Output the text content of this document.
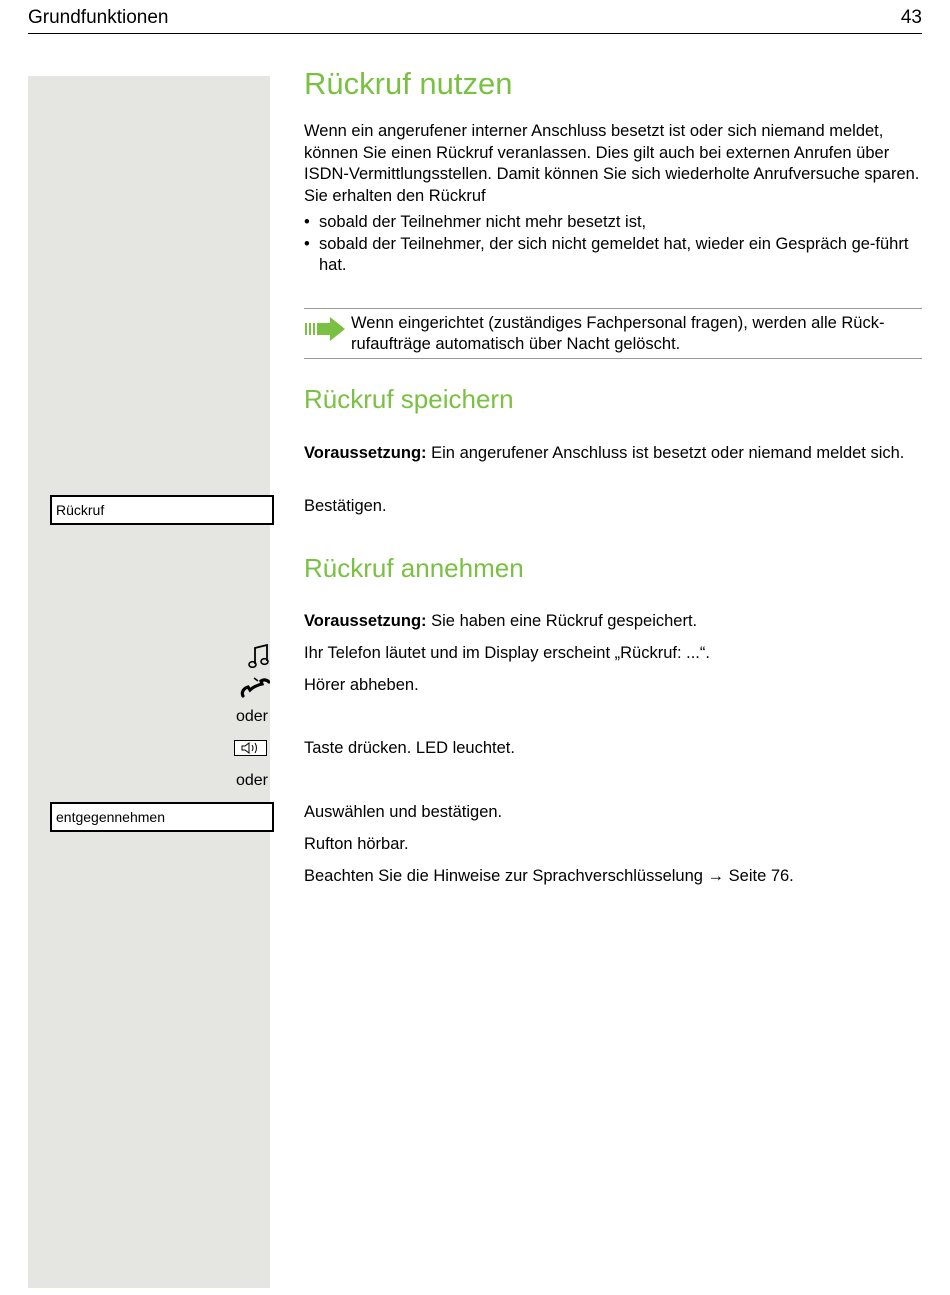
Grundfunktionen	43
Rückruf nutzen
Wenn ein angerufener interner Anschluss besetzt ist oder sich niemand meldet, können Sie einen Rückruf veranlassen. Dies gilt auch bei externen Anrufen über ISDN-Vermittlungsstellen. Damit können Sie sich wiederholte Anrufversuche sparen.
Sie erhalten den Rückruf
• sobald der Teilnehmer nicht mehr besetzt ist,
• sobald der Teilnehmer, der sich nicht gemeldet hat, wieder ein Gespräch ge-führt hat.
Wenn eingerichtet (zuständiges Fachpersonal fragen), werden alle Rück-rufaufträge automatisch über Nacht gelöscht.
Rückruf speichern
Voraussetzung: Ein angerufener Anschluss ist besetzt oder niemand meldet sich.
Rückruf	Bestätigen.
Rückruf annehmen
Voraussetzung: Sie haben eine Rückruf gespeichert.
Ihr Telefon läutet und im Display erscheint „Rückruf: ...“.
Hörer abheben.
oder
Taste drücken. LED leuchtet.
oder
entgegennehmen	Auswählen und bestätigen.
Rufton hörbar.
Beachten Sie die Hinweise zur Sprachverschlüsselung → Seite 76.
